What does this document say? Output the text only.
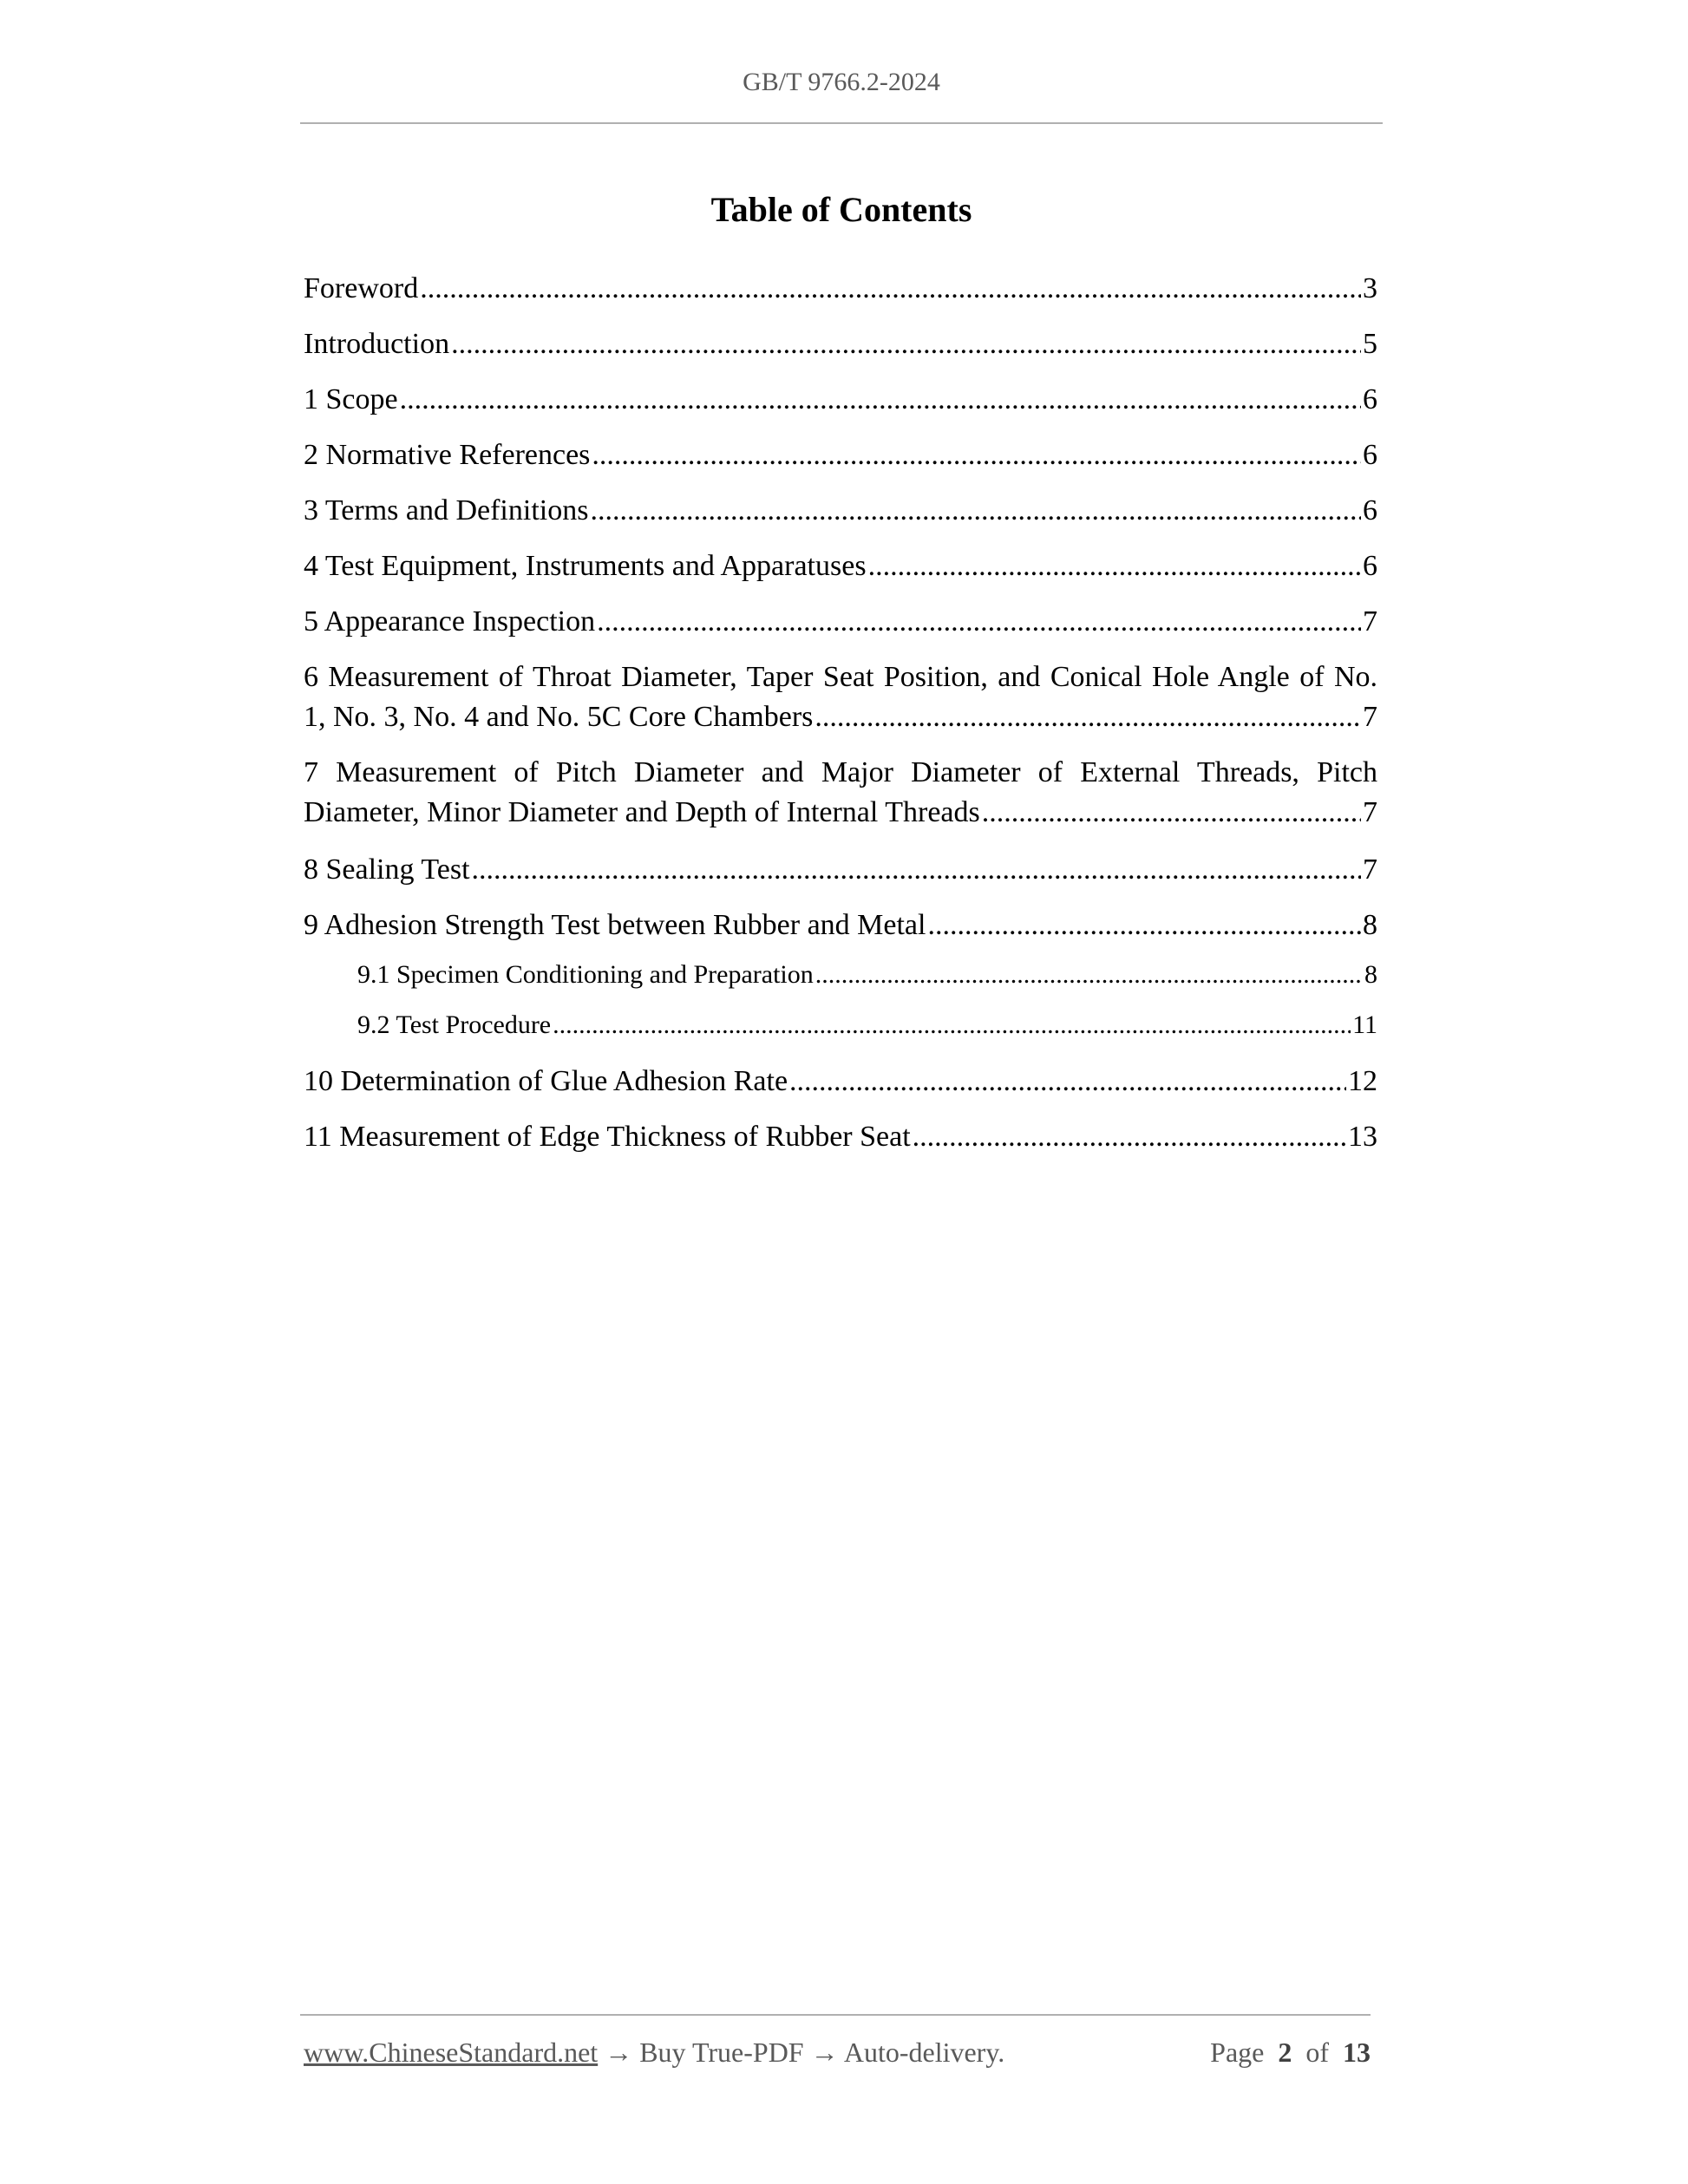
GB/T 9766.2-2024
Table of Contents
Foreword .....	3
Introduction .....	5
1 Scope .....	6
2 Normative References .....	6
3 Terms and Definitions .....	6
4 Test Equipment, Instruments and Apparatuses .....	6
5 Appearance Inspection .....	7
6 Measurement of Throat Diameter, Taper Seat Position, and Conical Hole Angle of No.
1, No. 3, No. 4 and No. 5C Core Chambers .....	7
7 Measurement of Pitch Diameter and Major Diameter of External Threads, Pitch
Diameter, Minor Diameter and Depth of Internal Threads .....	7
8 Sealing Test .....	7
9 Adhesion Strength Test between Rubber and Metal .....	8
9.1 Specimen Conditioning and Preparation .....	8
9.2 Test Procedure .....	11
10 Determination of Glue Adhesion Rate .....	12
11 Measurement of Edge Thickness of Rubber Seat .....	13
www.ChineseStandard.net → Buy True-PDF → Auto-delivery.	Page 2 of 13
